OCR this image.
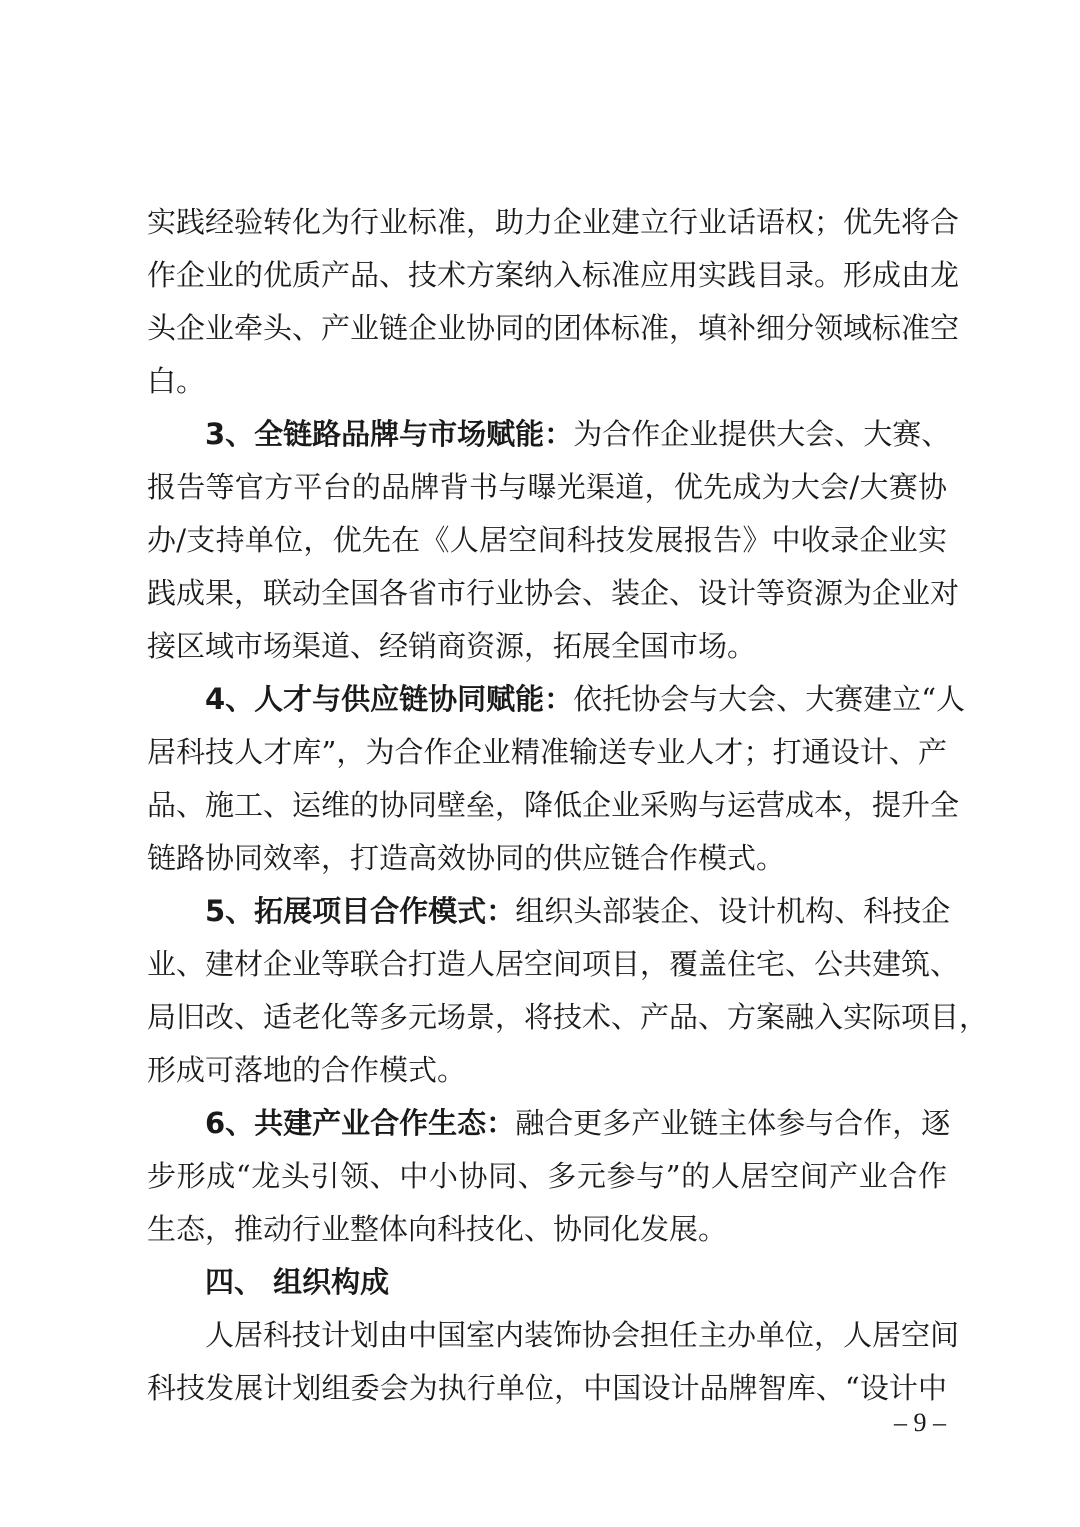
实践经验转化为行业标准，助力企业建立行业话语权；优先将合
作企业的优质产品、技术方案纳入标准应用实践目录。形成由龙
头企业牵头、产业链企业协同的团体标准，填补细分领域标准空
白。
3、全链路品牌与市场赋能：为合作企业提供大会、大赛、
报告等官方平台的品牌背书与曝光渠道，优先成为大会/大赛协
办/支持单位，优先在《人居空间科技发展报告》中收录企业实
践成果，联动全国各省市行业协会、装企、设计等资源为企业对
接区域市场渠道、经销商资源，拓展全国市场。
4、人才与供应链协同赋能：依托协会与大会、大赛建立“人
居科技人才库”，为合作企业精准输送专业人才；打通设计、产
品、施工、运维的协同壁垒，降低企业采购与运营成本，提升全
链路协同效率，打造高效协同的供应链合作模式。
5、拓展项目合作模式：组织头部装企、设计机构、科技企
业、建材企业等联合打造人居空间项目，覆盖住宅、公共建筑、
局旧改、适老化等多元场景，将技术、产品、方案融入实际项目，
形成可落地的合作模式。
6、共建产业合作生态：融合更多产业链主体参与合作，逐
步形成“龙头引领、中小协同、多元参与”的人居空间产业合作
生态，推动行业整体向科技化、协同化发展。
四、 组织构成
人居科技计划由中国室内装饰协会担任主办单位，人居空间
科技发展计划组委会为执行单位，中国设计品牌智库、“设计中
– 9 –
